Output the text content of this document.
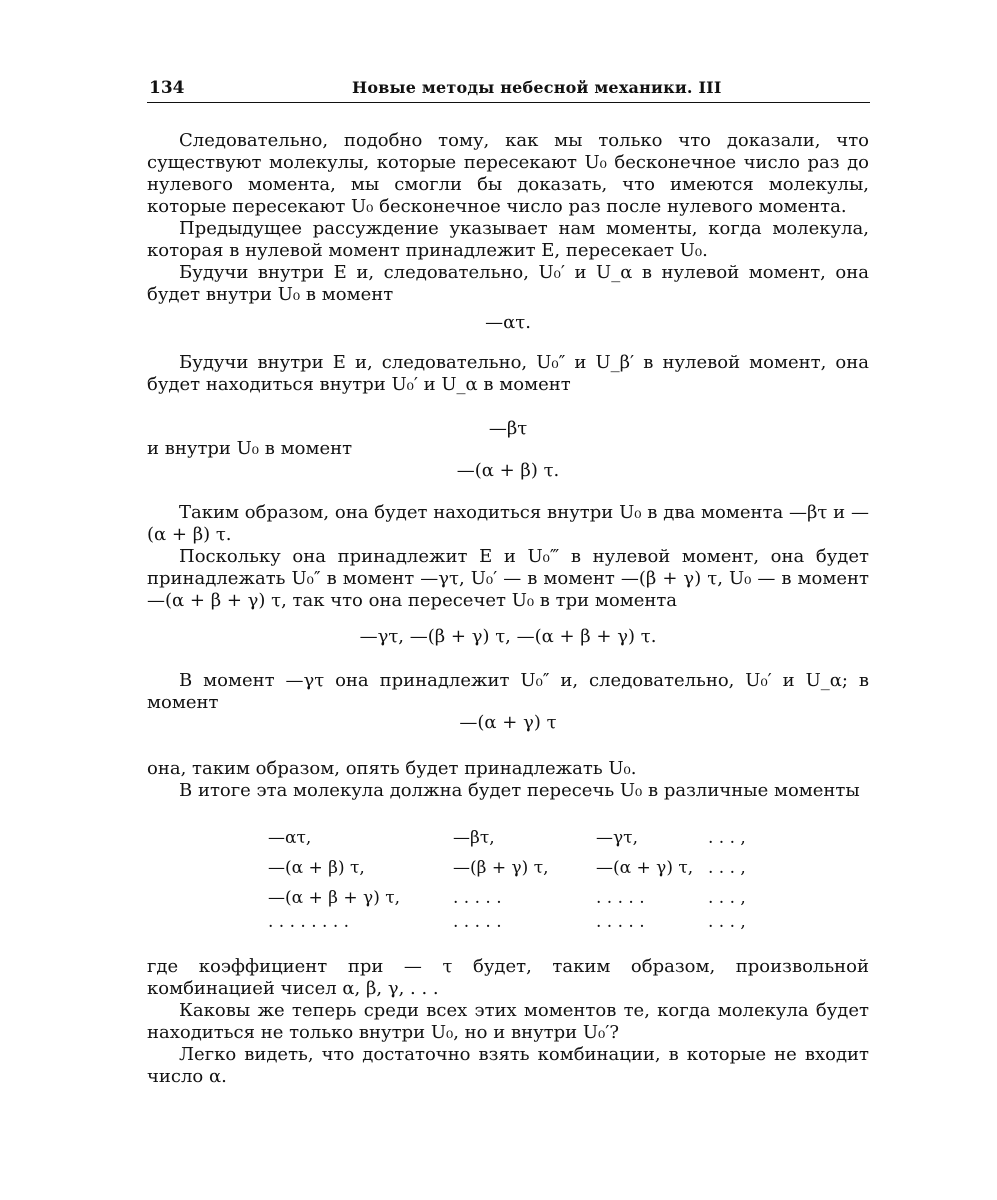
134	Новые методы небесной механики. III
Следовательно, подобно тому, как мы только что доказали, что существуют молекулы, которые пересекают U₀ бесконечное число раз до нулевого момента, мы смогли бы доказать, что имеются молекулы, которые пересекают U₀ бесконечное число раз после нулевого момента.
Предыдущее рассуждение указывает нам моменты, когда молекула, которая в нулевой момент принадлежит E, пересекает U₀.
Будучи внутри E и, следовательно, U₀′ и U_α в нулевой момент, она будет внутри U₀ в момент
—ατ.
Будучи внутри E и, следовательно, U₀″ и U_β′ в нулевой момент, она будет находиться внутри U₀′ и U_α в момент
—βτ
и внутри U₀ в момент
—(α + β) τ.
Таким образом, она будет находиться внутри U₀ в два момента —βτ и —(α + β) τ.
Поскольку она принадлежит E и U₀‴ в нулевой момент, она будет принадлежать U₀″ в момент —γτ, U₀′ — в момент —(β + γ) τ, U₀ — в момент —(α + β + γ) τ, так что она пересечет U₀ в три момента
—γτ, —(β + γ) τ, —(α + β + γ) τ.
В момент —γτ она принадлежит U₀″ и, следовательно, U₀′ и U_α; в момент
—(α + γ) τ
она, таким образом, опять будет принадлежать U₀.
В итоге эта молекула должна будет пересечь U₀ в различные моменты
—ατ,	—βτ,	—γτ,	. . . ,
—(α + β) τ,	—(β + γ) τ,	—(α + γ) τ, . . . ,
—(α + β + γ) τ,	. . . . .	. . . . .	. . . ,
. . . . . . . .	. . . . .	. . . . .	. . . ,
где коэффициент при — τ будет, таким образом, произвольной комбинацией чисел α, β, γ, . . .
Каковы же теперь среди всех этих моментов те, когда молекула будет находиться не только внутри U₀, но и внутри U₀′?
Легко видеть, что достаточно взять комбинации, в которые не входит число α.
